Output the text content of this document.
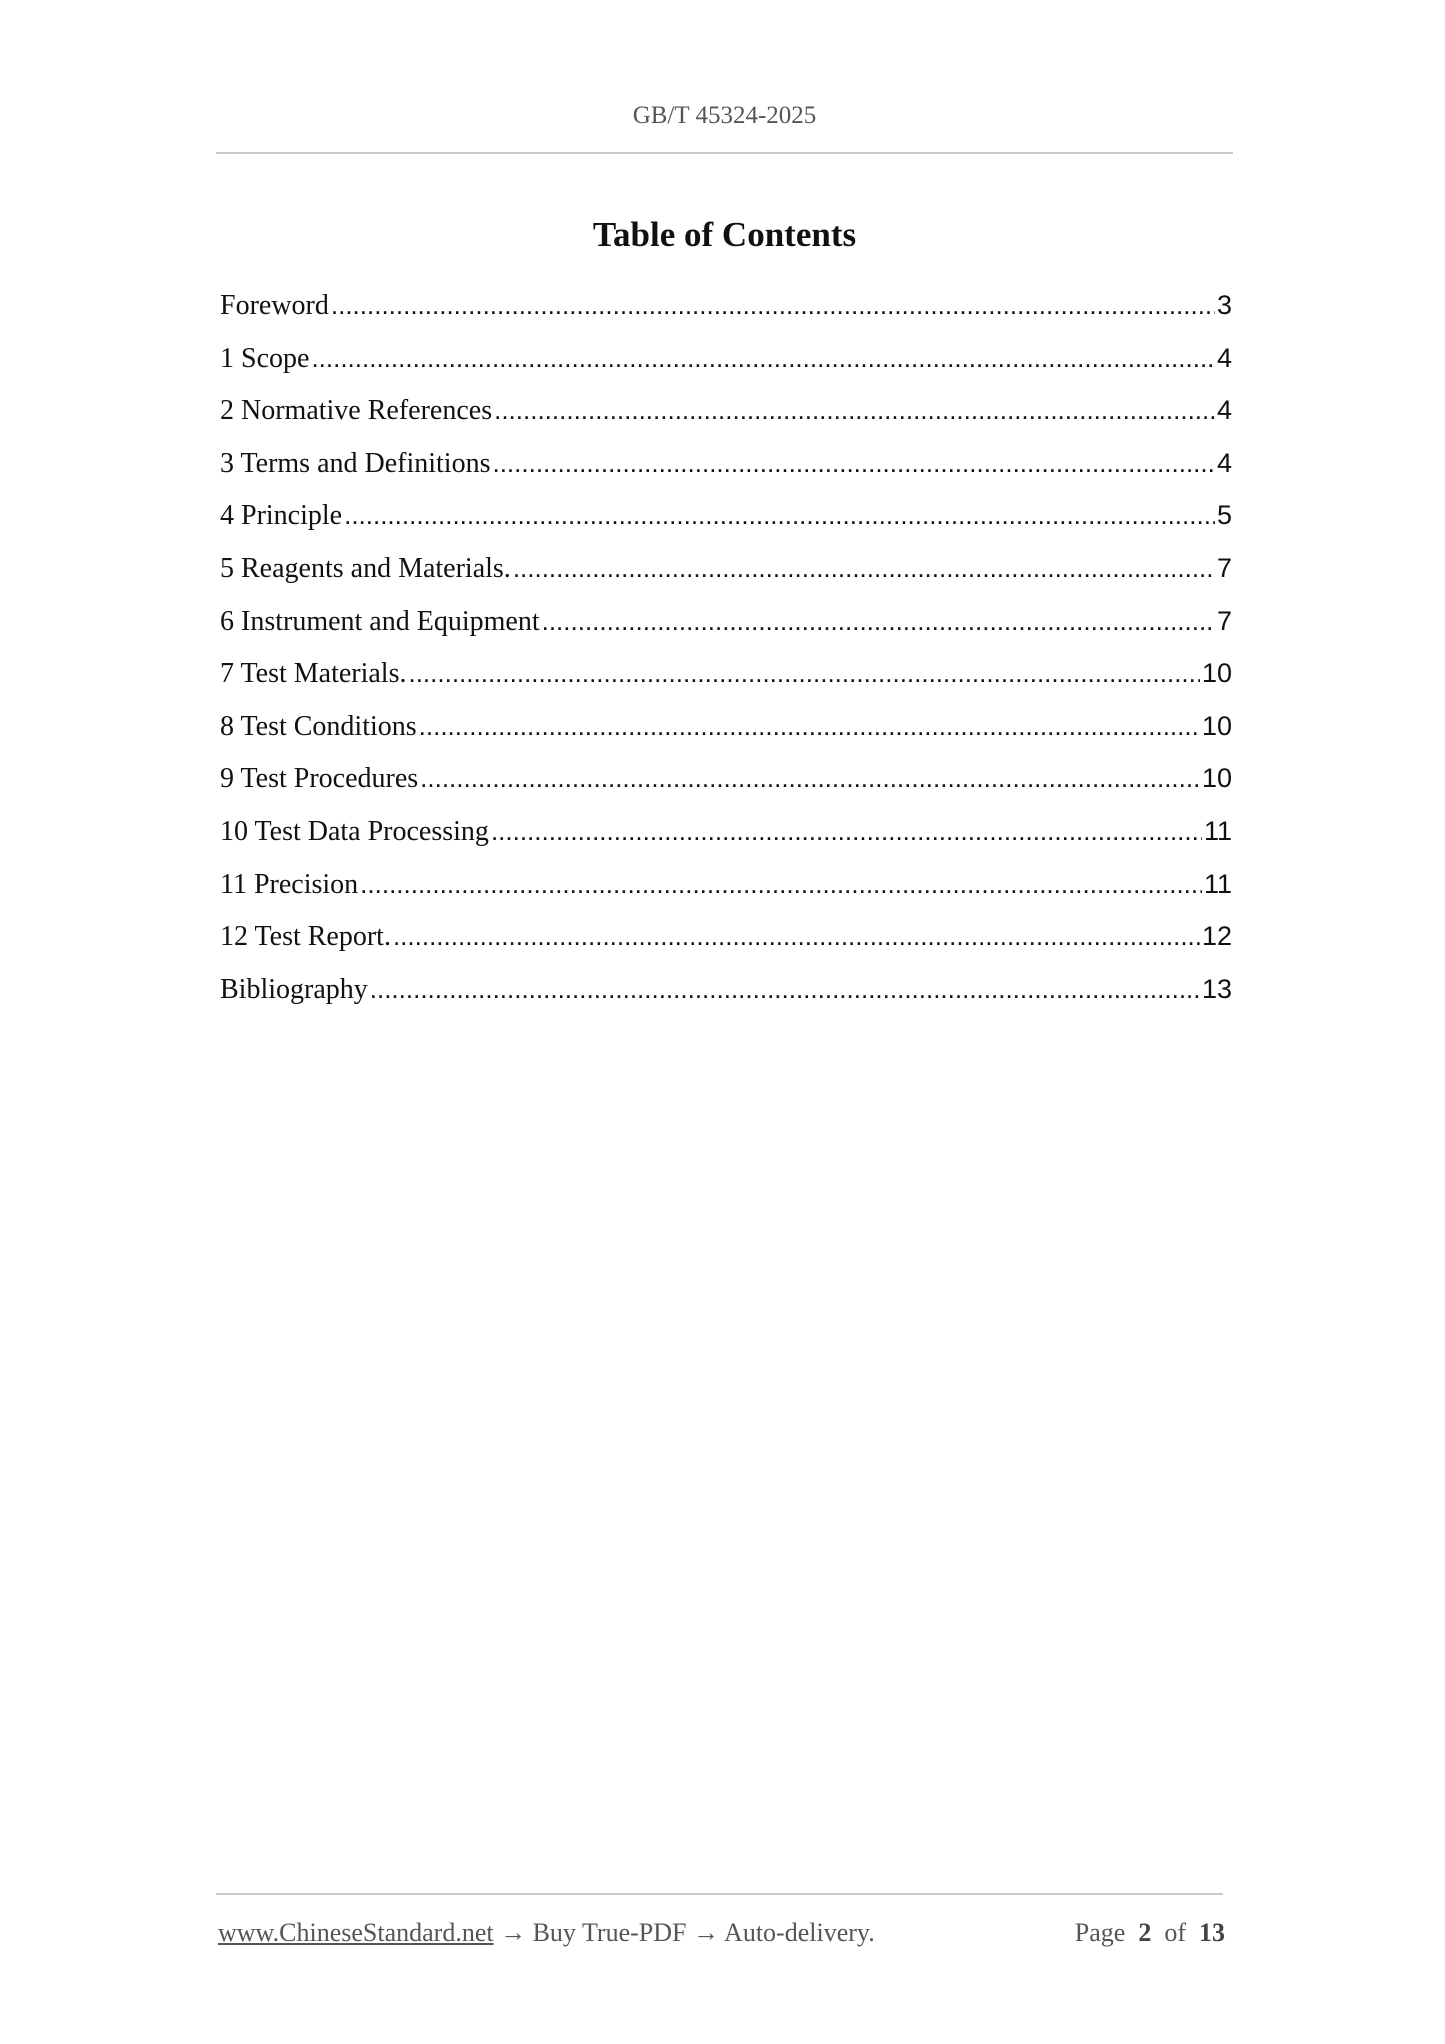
GB/T 45324-2025
Table of Contents
Foreword .....	3
1 Scope .....	4
2 Normative References .....	4
3 Terms and Definitions .....	4
4 Principle .....	5
5 Reagents and Materials. .....	7
6 Instrument and Equipment .....	7
7 Test Materials. .....	10
8 Test Conditions .....	10
9 Test Procedures .....	10
10 Test Data Processing .....	11
11 Precision .....	11
12 Test Report. .....	12
Bibliography .....	13
www.ChineseStandard.net → Buy True-PDF → Auto-delivery.	Page 2 of 13
